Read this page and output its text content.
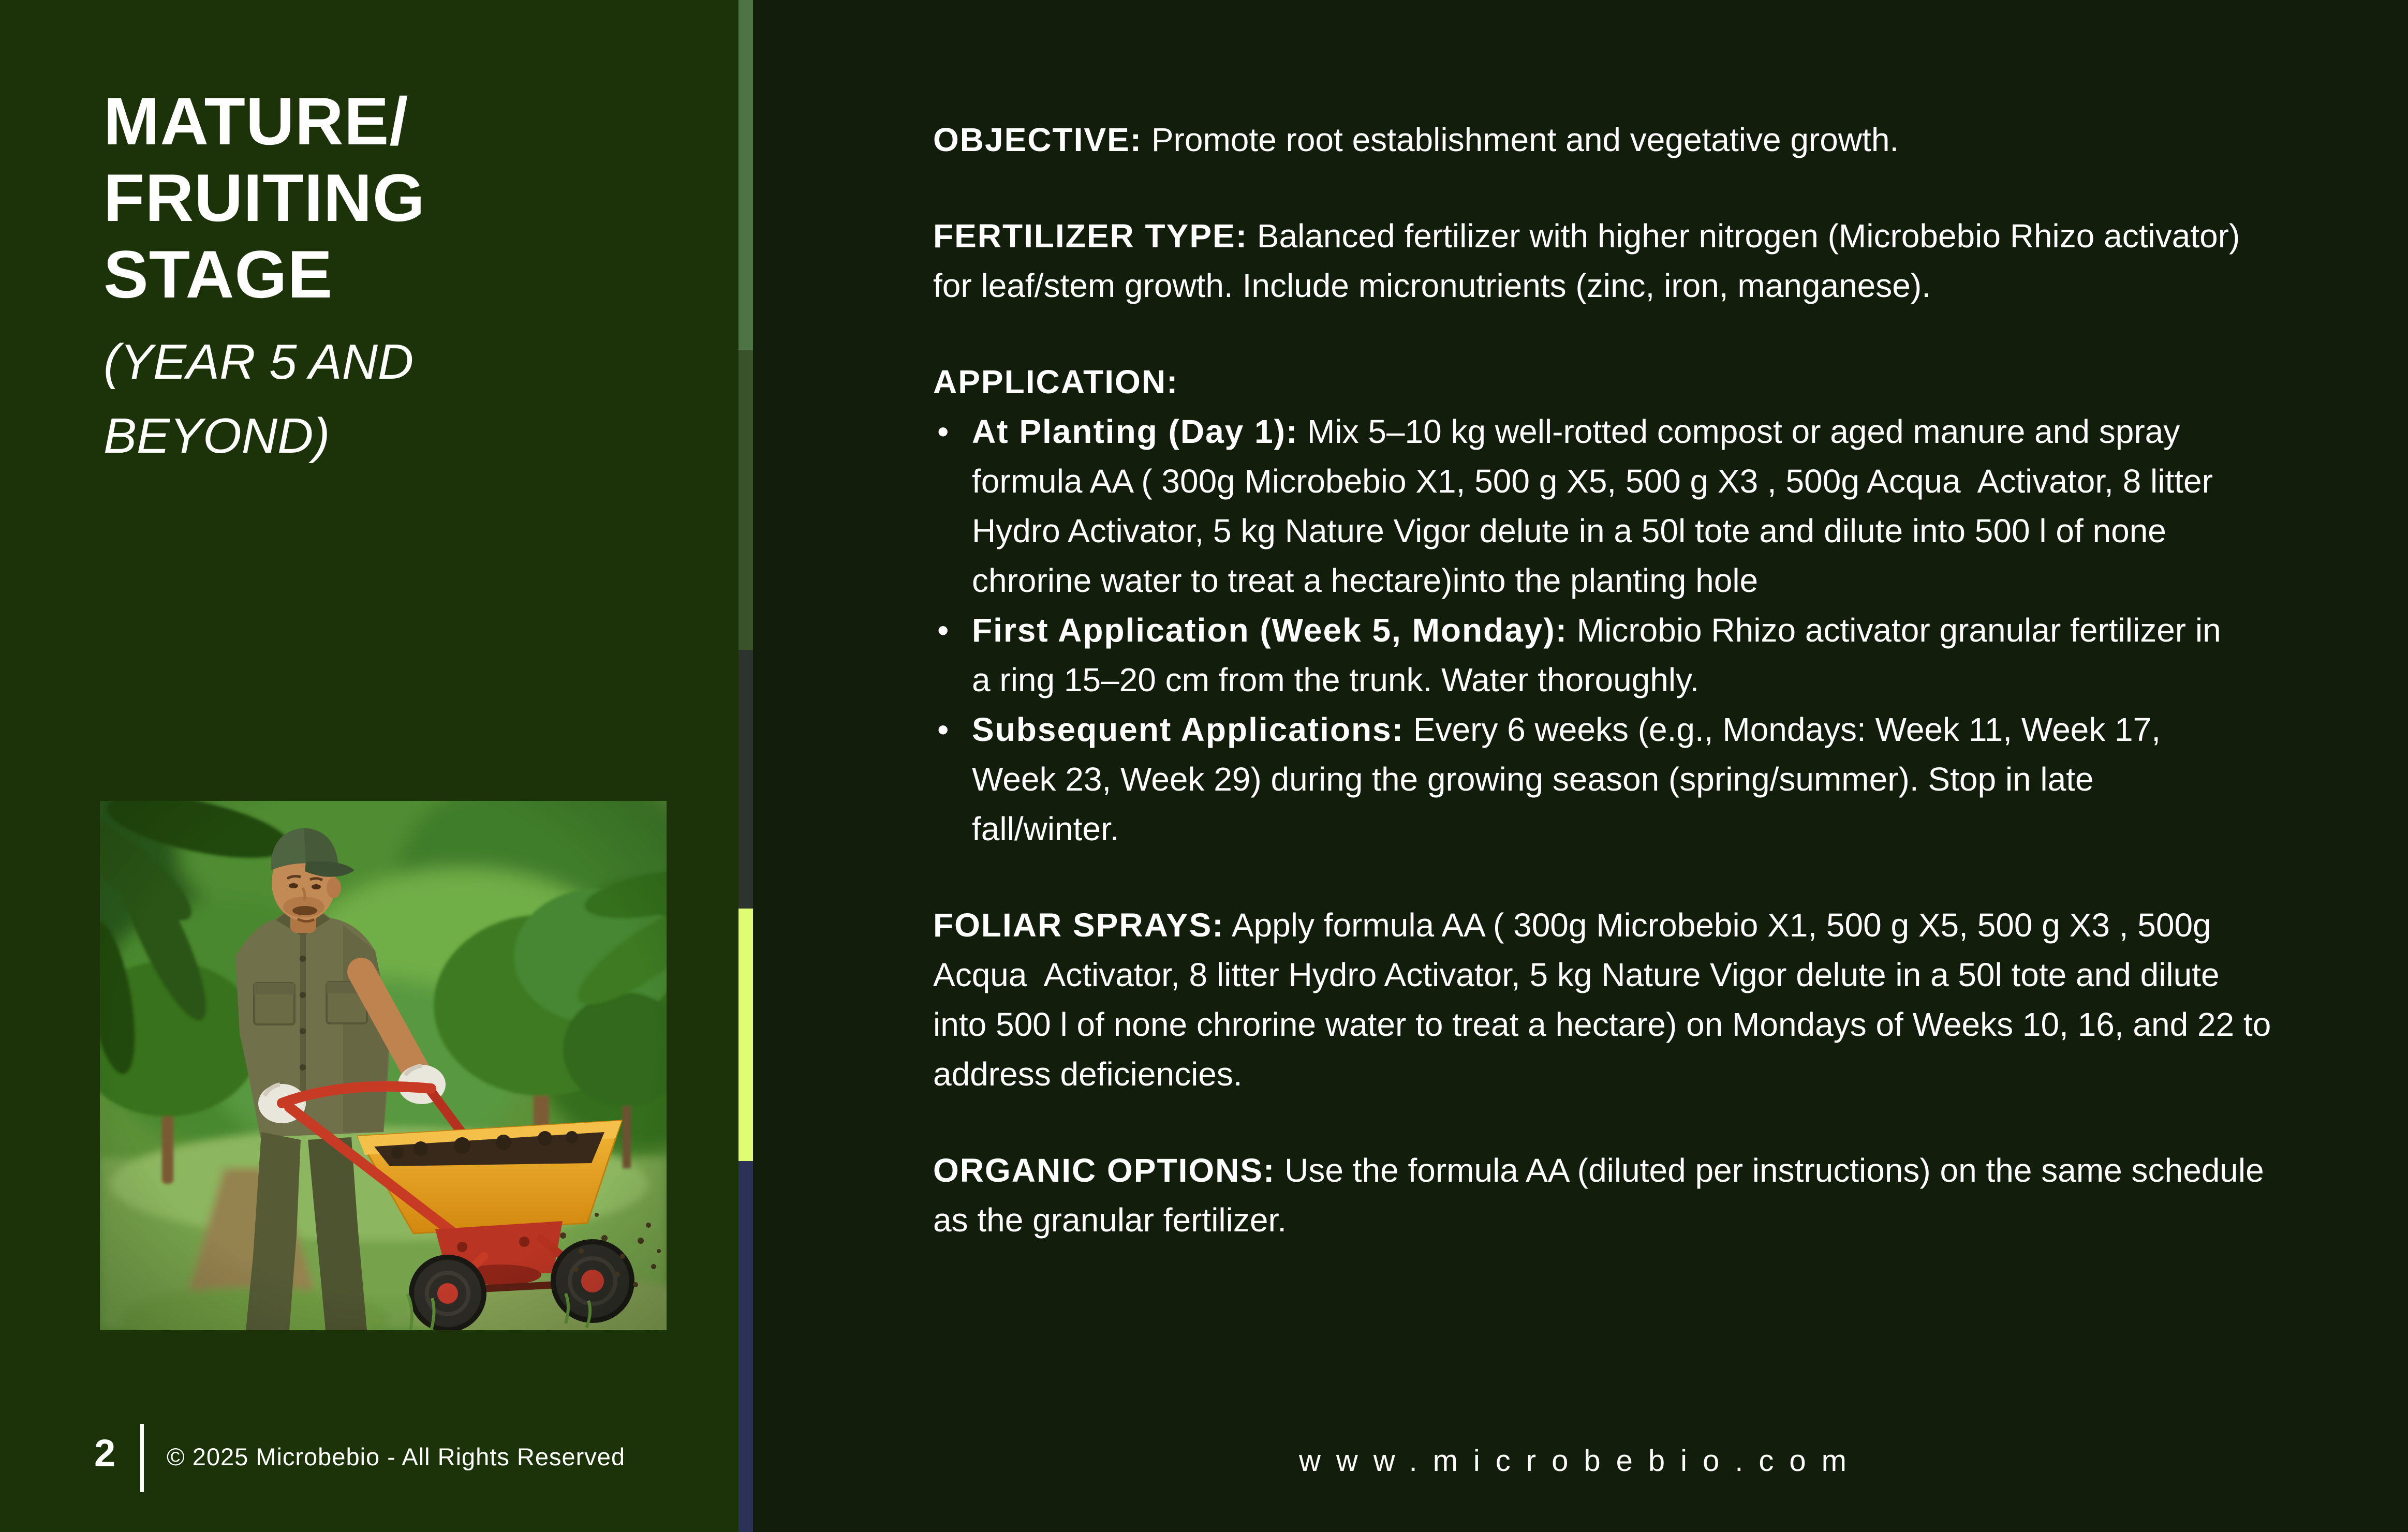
MATURE/
FRUITING
STAGE
(YEAR 5 AND
BEYOND)
2 © 2025 Microbebio - All Rights Reserved

OBJECTIVE: Promote root establishment and vegetative growth.

FERTILIZER TYPE: Balanced fertilizer with higher nitrogen (Microbebio Rhizo activator) for leaf/stem growth. Include micronutrients (zinc, iron, manganese).

APPLICATION:

• At Planting (Day 1): Mix 5–10 kg well-rotted compost or aged manure and spray formula AA ( 300g Microbebio X1, 500 g X5, 500 g X3 , 500g Acqua  Activator, 8 litter Hydro Activator, 5 kg Nature Vigor delute in a 50l tote and dilute into 500 l of none chrorine water to treat a hectare)into the planting hole
• First Application (Week 5, Monday): Microbio Rhizo activator granular fertilizer in a ring 15–20 cm from the trunk. Water thoroughly.
• Subsequent Applications: Every 6 weeks (e.g., Mondays: Week 11, Week 17, Week 23, Week 29) during the growing season (spring/summer). Stop in late fall/winter.

FOLIAR SPRAYS: Apply formula AA ( 300g Microbebio X1, 500 g X5, 500 g X3 , 500g Acqua  Activator, 8 litter Hydro Activator, 5 kg Nature Vigor delute in a 50l tote and dilute into 500 l of none chrorine water to treat a hectare) on Mondays of Weeks 10, 16, and 22 to address deficiencies.

ORGANIC OPTIONS: Use the formula AA (diluted per instructions) on the same schedule as the granular fertilizer.

www.microbebio.com
